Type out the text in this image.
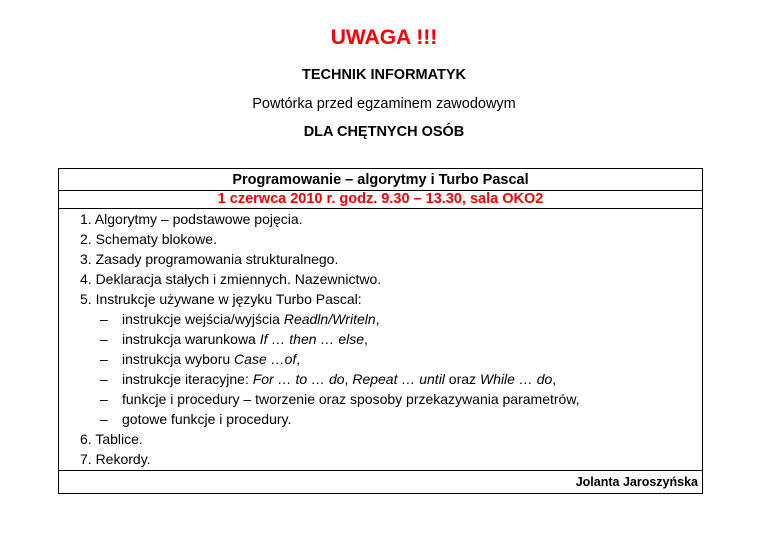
UWAGA !!!
TECHNIK INFORMATYK
Powtórka przed egzaminem zawodowym
DLA CHĘTNYCH OSÓB
Programowanie – algorytmy i Turbo Pascal
1 czerwca 2010 r. godz. 9.30 – 13.30, sala OKO2
1. Algorytmy – podstawowe pojęcia.
2. Schematy blokowe.
3. Zasady programowania strukturalnego.
4. Deklaracja stałych i zmiennych. Nazewnictwo.
5. Instrukcje używane w języku Turbo Pascal:
– instrukcje wejścia/wyjścia Readln/Writeln,
– instrukcja warunkowa If … then … else,
– instrukcja wyboru Case …of,
– instrukcje iteracyjne: For … to … do, Repeat … until oraz While … do,
– funkcje i procedury – tworzenie oraz sposoby przekazywania parametrów,
– gotowe funkcje i procedury.
6. Tablice.
7. Rekordy.
Jolanta Jaroszyńska
